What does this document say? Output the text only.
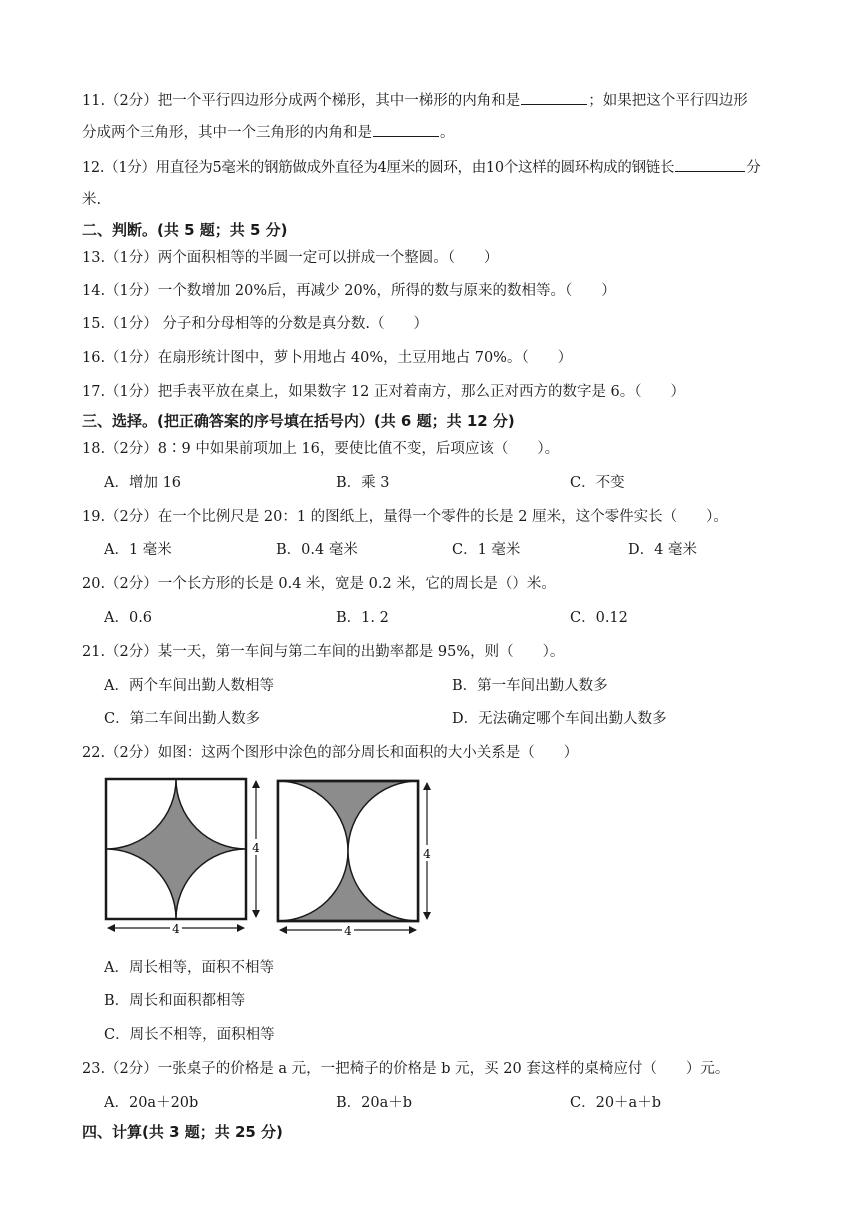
11.（2分）把一个平行四边形分成两个梯形，其中一梯形的内角和是	；如果把这个平行四边形
分成两个三角形，其中一个三角形的内角和是	。
12.（1分）用直径为5毫米的钢筋做成外直径为4厘米的圆环，由10个这样的圆环构成的钢链长	分
米.
二、判断。(共 5 题；共 5 分)
13.（1分）两个面积相等的半圆一定可以拼成一个整圆。（　　）
14.（1分）一个数增加 20%后，再减少 20%，所得的数与原来的数相等。（　　）
15.（1分） 分子和分母相等的分数是真分数.（　　）
16.（1分）在扇形统计图中，萝卜用地占 40%，土豆用地占 70%。（　　）
17.（1分）把手表平放在桌上，如果数字 12 正对着南方，那么正对西方的数字是 6。（　　）
三、选择。(把正确答案的序号填在括号内）(共 6 题；共 12 分)
18.（2分）8∶9 中如果前项加上 16，要使比值不变，后项应该（　　）。
A．增加 16	B．乘 3	C．不变
19.（2分）在一个比例尺是 20：1 的图纸上，量得一个零件的长是 2 厘米，这个零件实长（　　）。
A．1 毫米	B．0.4 毫米	C．1 毫米	D．4 毫米
20.（2分）一个长方形的长是 0.4 米，宽是 0.2 米，它的周长是（）米。
A．0.6	B．1. 2	C．0.12
21.（2分）某一天，第一车间与第二车间的出勤率都是 95%，则（　　）。
A．两个车间出勤人数相等	B．第一车间出勤人数多
C．第二车间出勤人数多	D．无法确定哪个车间出勤人数多
22.（2分）如图：这两个图形中涂色的部分周长和面积的大小关系是（　　）
4
4
4
4
A．周长相等，面积不相等
B．周长和面积都相等
C．周长不相等，面积相等
23.（2分）一张桌子的价格是 a 元，一把椅子的价格是 b 元，买 20 套这样的桌椅应付（　　）元。
A．20a＋20b	B．20a＋b	C．20＋a＋b
四、计算(共 3 题；共 25 分)
